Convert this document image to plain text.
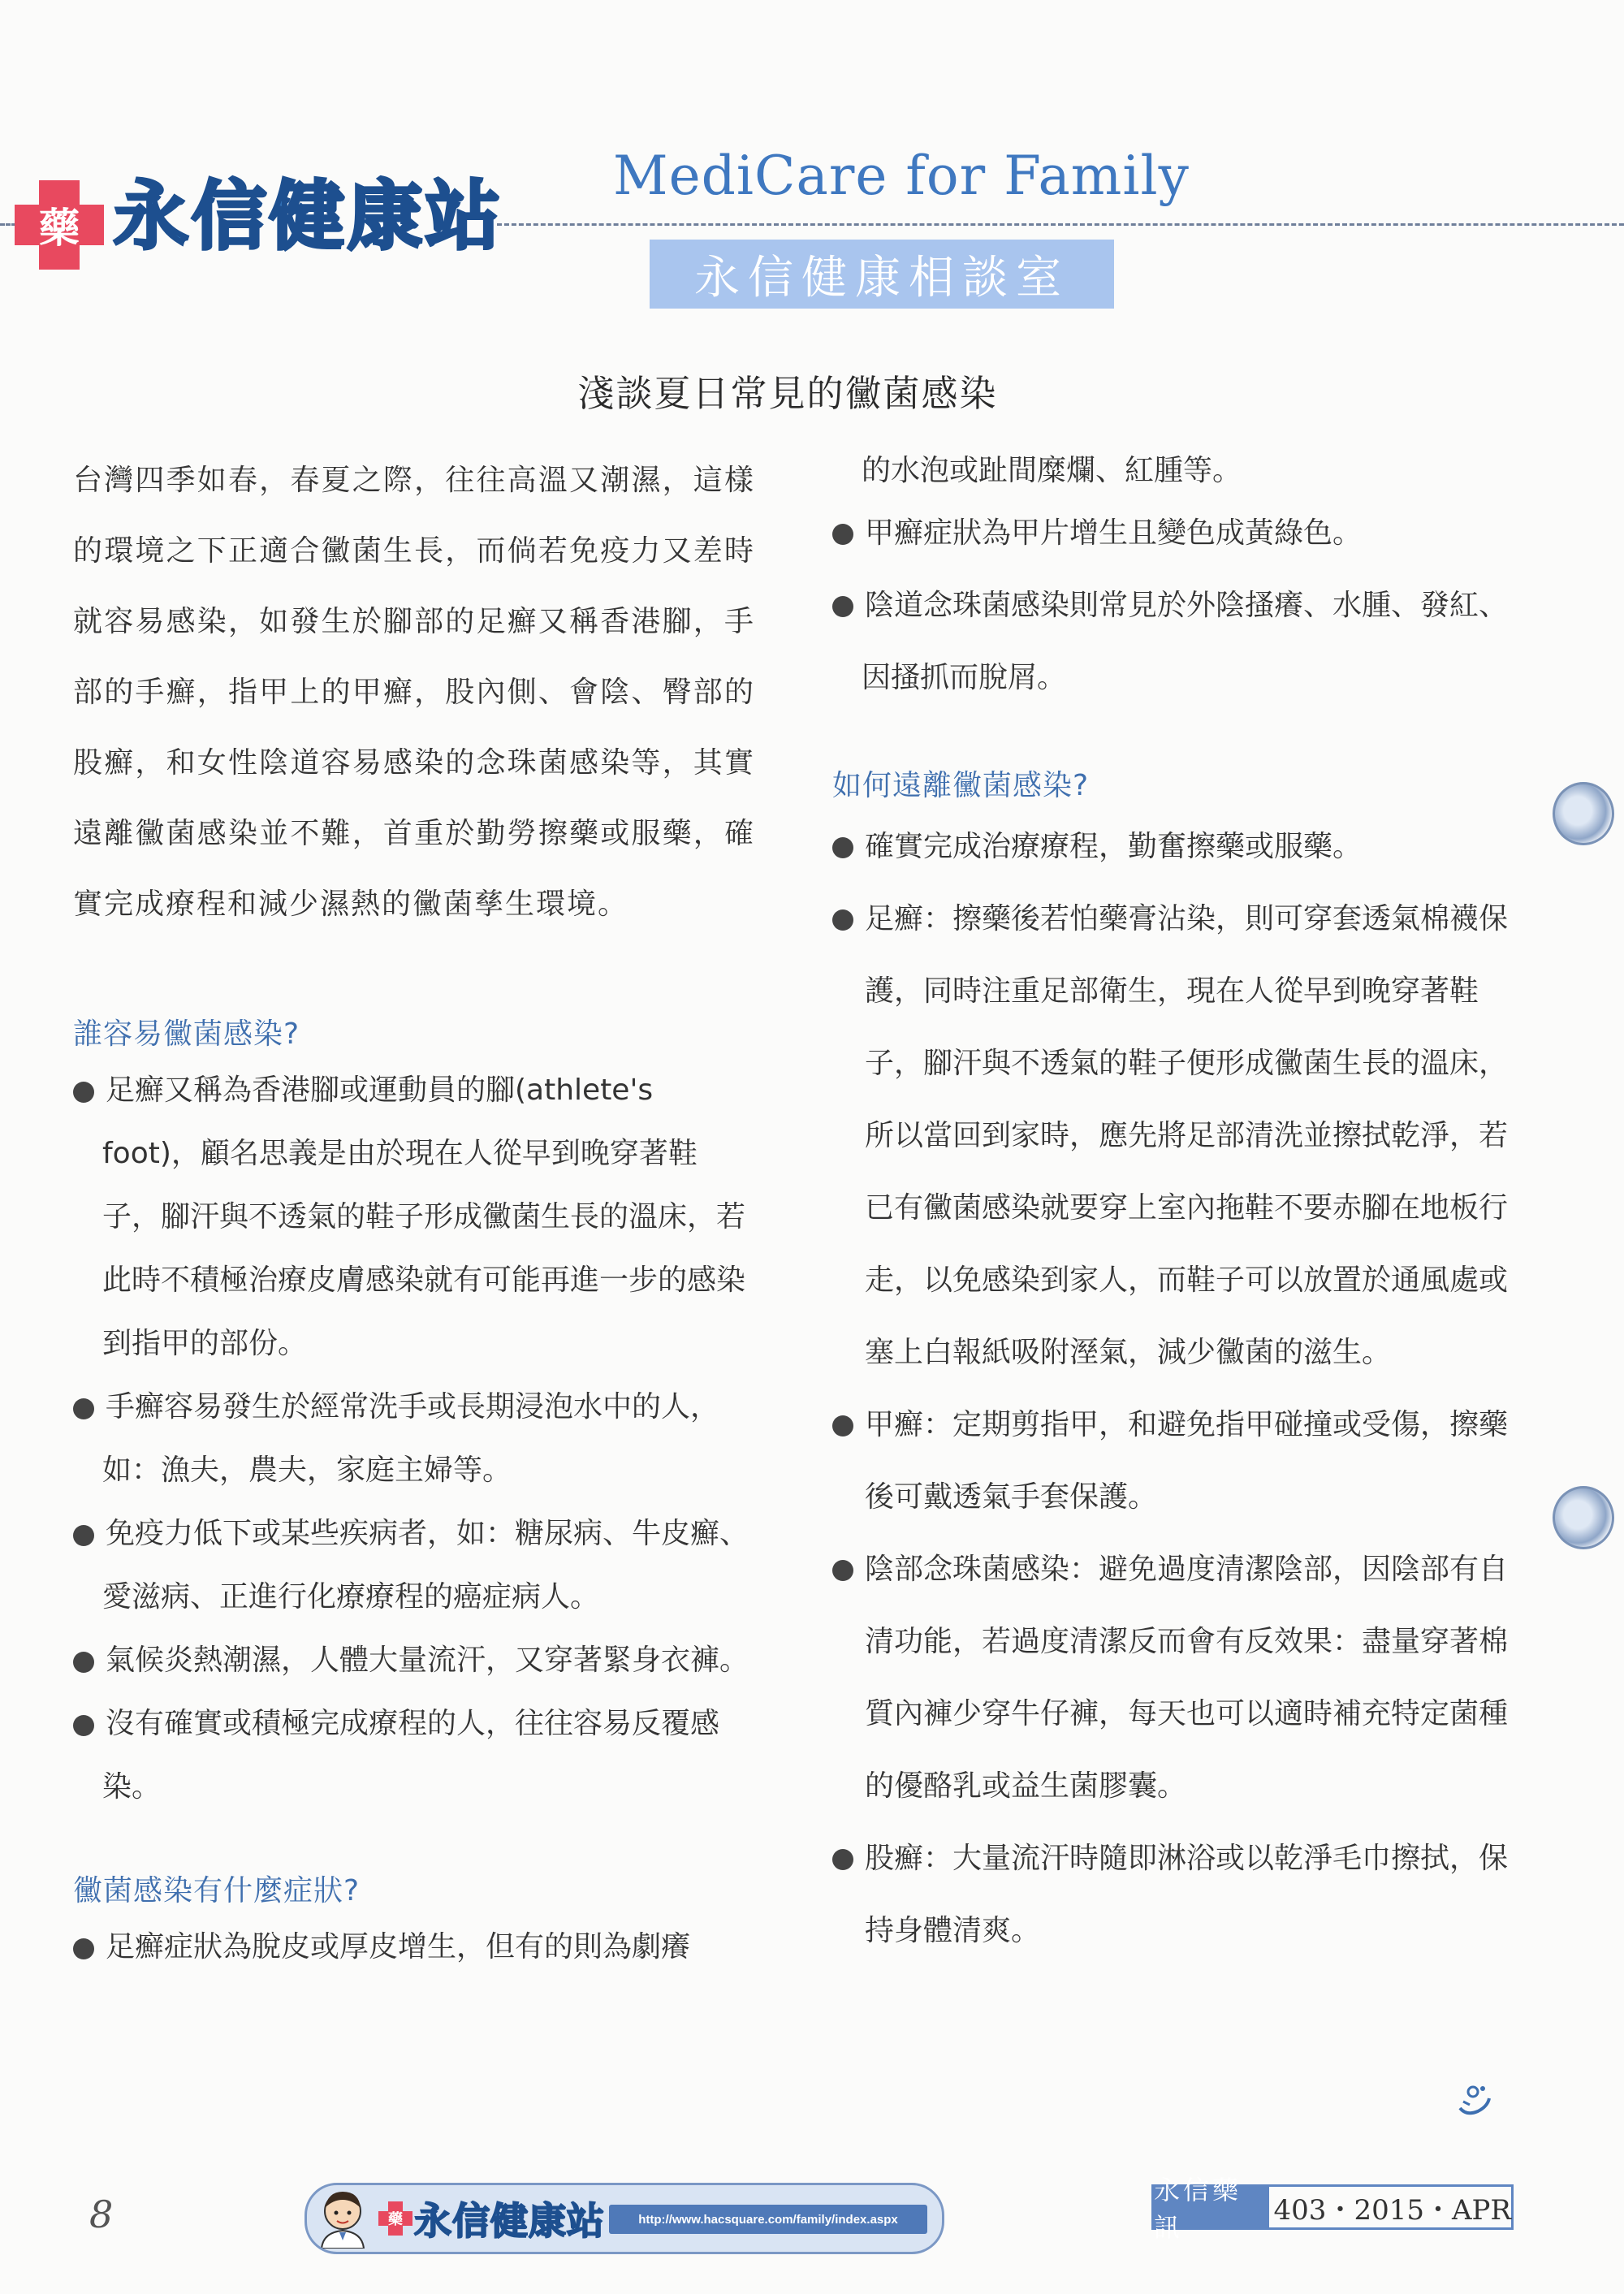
藥 永信健康站 MediCare for Family
永信健康相談室
淺談夏日常見的黴菌感染
台灣四季如春，春夏之際，往往高溫又潮濕，這樣的環境之下正適合黴菌生長，而倘若免疫力又差時就容易感染，如發生於腳部的足癬又稱香港腳，手部的手癬，指甲上的甲癬，股內側、會陰、臀部的股癬，和女性陰道容易感染的念珠菌感染等，其實遠離黴菌感染並不難，首重於勤勞擦藥或服藥，確實完成療程和減少濕熱的黴菌孳生環境。
誰容易黴菌感染?
足癬又稱為香港腳或運動員的腳(athlete's foot)，顧名思義是由於現在人從早到晚穿著鞋子，腳汗與不透氣的鞋子形成黴菌生長的溫床，若此時不積極治療皮膚感染就有可能再進一步的感染到指甲的部份。
手癬容易發生於經常洗手或長期浸泡水中的人，如：漁夫，農夫，家庭主婦等。
免疫力低下或某些疾病者，如：糖尿病、牛皮癬、愛滋病、正進行化療療程的癌症病人。
氣候炎熱潮濕，人體大量流汗，又穿著緊身衣褲。
沒有確實或積極完成療程的人，往往容易反覆感染。
黴菌感染有什麼症狀?
足癬症狀為脫皮或厚皮增生，但有的則為劇癢
的水泡或趾間糜爛、紅腫等。
甲癬症狀為甲片增生且變色成黃綠色。
陰道念珠菌感染則常見於外陰搔癢、水腫、發紅、因搔抓而脫屑。
如何遠離黴菌感染?
確實完成治療療程，勤奮擦藥或服藥。
足癬：擦藥後若怕藥膏沾染，則可穿套透氣棉襪保護，同時注重足部衛生，現在人從早到晚穿著鞋子，腳汗與不透氣的鞋子便形成黴菌生長的溫床，所以當回到家時，應先將足部清洗並擦拭乾淨，若已有黴菌感染就要穿上室內拖鞋不要赤腳在地板行走，以免感染到家人，而鞋子可以放置於通風處或塞上白報紙吸附溼氣，減少黴菌的滋生。
甲癬：定期剪指甲，和避免指甲碰撞或受傷，擦藥後可戴透氣手套保護。
陰部念珠菌感染：避免過度清潔陰部，因陰部有自清功能，若過度清潔反而會有反效果：盡量穿著棉質內褲少穿牛仔褲，每天也可以適時補充特定菌種的優酪乳或益生菌膠囊。
股癬：大量流汗時隨即淋浴或以乾淨毛巾擦拭，保持身體清爽。
8	藥 永信健康站	http://www.hacsquare.com/family/index.aspx
永信藥訊
403・2015・APR
